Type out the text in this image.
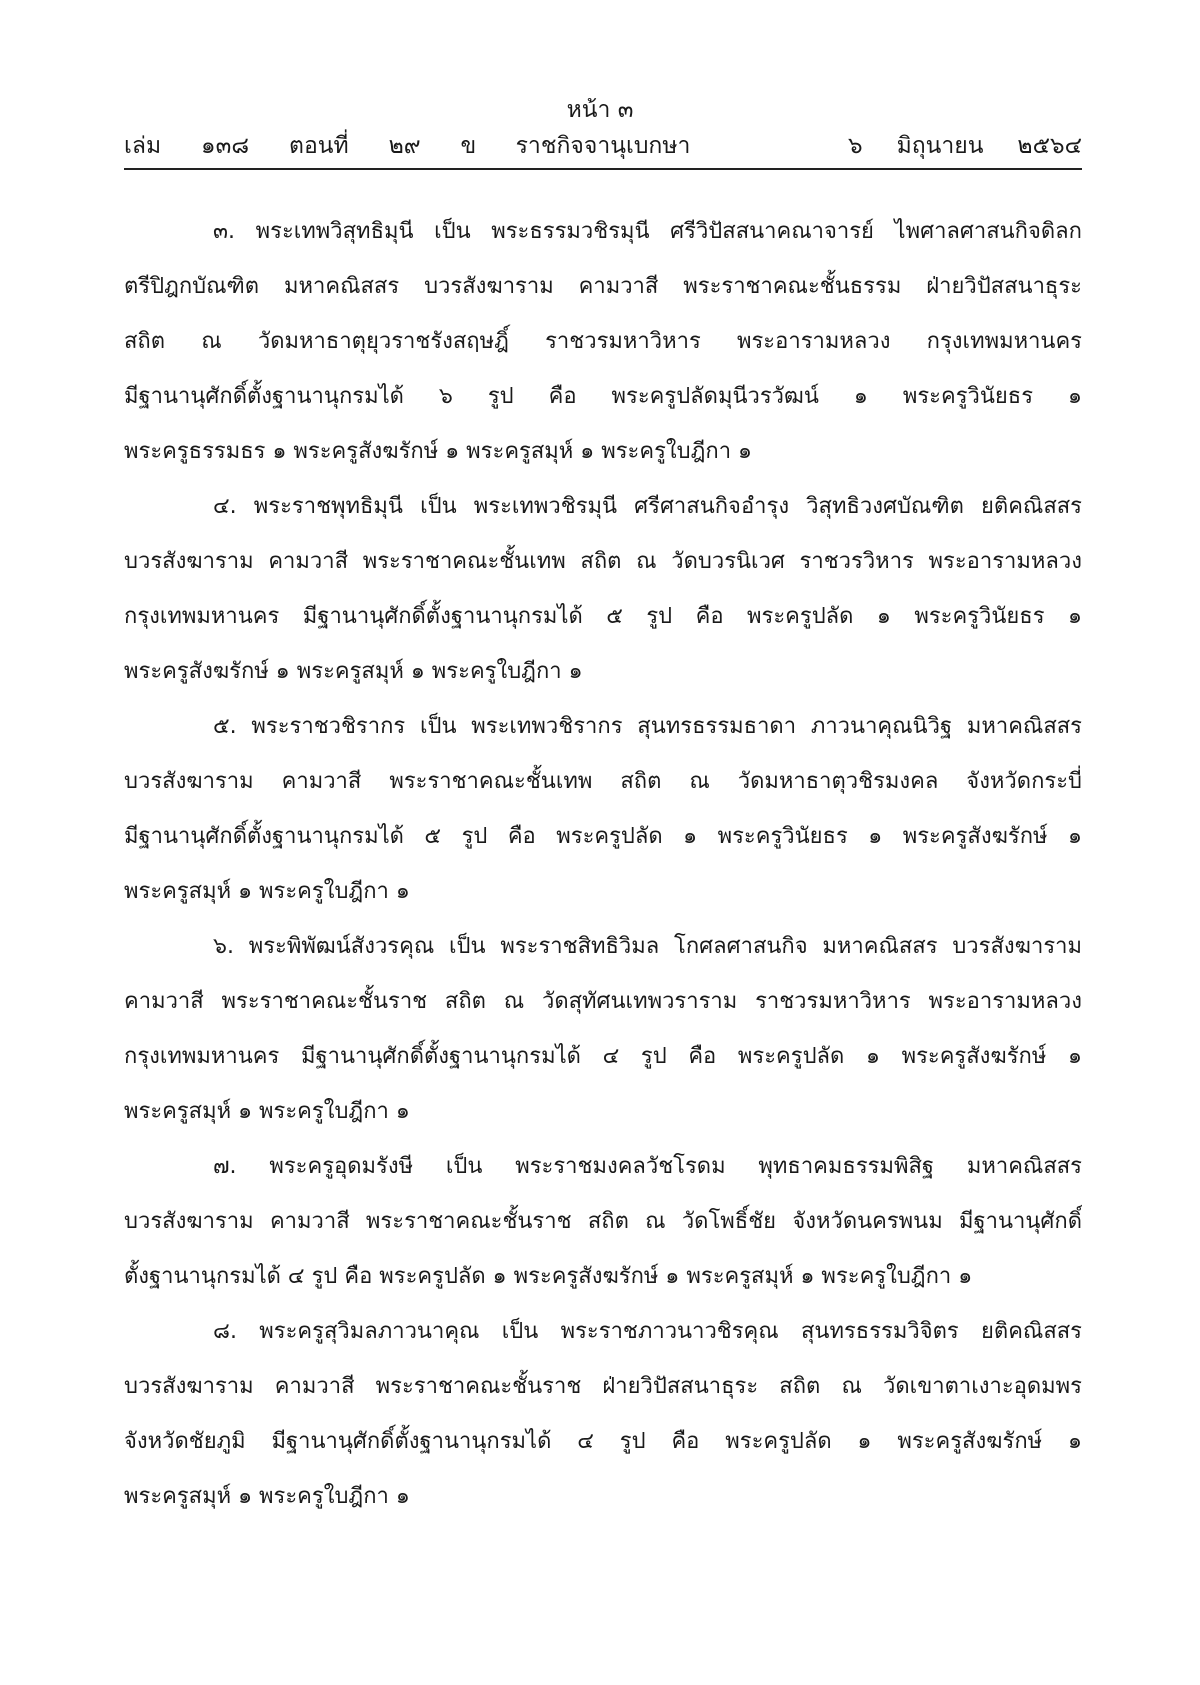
หน้า ๓
เล่ม   ๑๓๘   ตอนที่   ๒๙   ข	ราชกิจจานุเบกษา	๖   มิถุนายน   ๒๕๖๔
๓. พระเทพวิสุทธิมุนี เป็น พระธรรมวชิรมุนี ศรีวิปัสสนาคณาจารย์ ไพศาลศาสนกิจดิลก
ตรีปิฎกบัณฑิต มหาคณิสสร บวรสังฆาราม คามวาสี พระราชาคณะชั้นธรรม ฝ่ายวิปัสสนาธุระ
สถิต ณ วัดมหาธาตุยุวราชรังสฤษฎิ์ ราชวรมหาวิหาร พระอารามหลวง กรุงเทพมหานคร
มีฐานานุศักดิ์ตั้งฐานานุกรมได้ ๖ รูป คือ พระครูปลัดมุนีวรวัฒน์ ๑ พระครูวินัยธร ๑
พระครูธรรมธร ๑ พระครูสังฆรักษ์ ๑ พระครูสมุห์ ๑ พระครูใบฎีกา ๑
๔. พระราชพุทธิมุนี เป็น พระเทพวชิรมุนี ศรีศาสนกิจอำรุง วิสุทธิวงศบัณฑิต ยติคณิสสร
บวรสังฆาราม คามวาสี พระราชาคณะชั้นเทพ สถิต ณ วัดบวรนิเวศ ราชวรวิหาร พระอารามหลวง
กรุงเทพมหานคร มีฐานานุศักดิ์ตั้งฐานานุกรมได้ ๕ รูป คือ พระครูปลัด ๑ พระครูวินัยธร ๑
พระครูสังฆรักษ์ ๑ พระครูสมุห์ ๑ พระครูใบฎีกา ๑
๕. พระราชวชิรากร เป็น พระเทพวชิรากร สุนทรธรรมธาดา ภาวนาคุณนิวิฐ มหาคณิสสร
บวรสังฆาราม คามวาสี พระราชาคณะชั้นเทพ สถิต ณ วัดมหาธาตุวชิรมงคล จังหวัดกระบี่
มีฐานานุศักดิ์ตั้งฐานานุกรมได้ ๕ รูป คือ พระครูปลัด ๑ พระครูวินัยธร ๑ พระครูสังฆรักษ์ ๑
พระครูสมุห์ ๑ พระครูใบฎีกา ๑
๖. พระพิพัฒน์สังวรคุณ เป็น พระราชสิทธิวิมล โกศลศาสนกิจ มหาคณิสสร บวรสังฆาราม
คามวาสี พระราชาคณะชั้นราช สถิต ณ วัดสุทัศนเทพวราราม ราชวรมหาวิหาร พระอารามหลวง
กรุงเทพมหานคร มีฐานานุศักดิ์ตั้งฐานานุกรมได้ ๔ รูป คือ พระครูปลัด ๑ พระครูสังฆรักษ์ ๑
พระครูสมุห์ ๑ พระครูใบฎีกา ๑
๗. พระครูอุดมรังษี เป็น พระราชมงคลวัชโรดม พุทธาคมธรรมพิสิฐ มหาคณิสสร
บวรสังฆาราม คามวาสี พระราชาคณะชั้นราช สถิต ณ วัดโพธิ์ชัย จังหวัดนครพนม มีฐานานุศักดิ์
ตั้งฐานานุกรมได้ ๔ รูป คือ พระครูปลัด ๑ พระครูสังฆรักษ์ ๑ พระครูสมุห์ ๑ พระครูใบฎีกา ๑
๘. พระครูสุวิมลภาวนาคุณ เป็น พระราชภาวนาวชิรคุณ สุนทรธรรมวิจิตร ยติคณิสสร
บวรสังฆาราม คามวาสี พระราชาคณะชั้นราช ฝ่ายวิปัสสนาธุระ สถิต ณ วัดเขาตาเงาะอุดมพร
จังหวัดชัยภูมิ มีฐานานุศักดิ์ตั้งฐานานุกรมได้ ๔ รูป คือ พระครูปลัด ๑ พระครูสังฆรักษ์ ๑
พระครูสมุห์ ๑ พระครูใบฎีกา ๑
